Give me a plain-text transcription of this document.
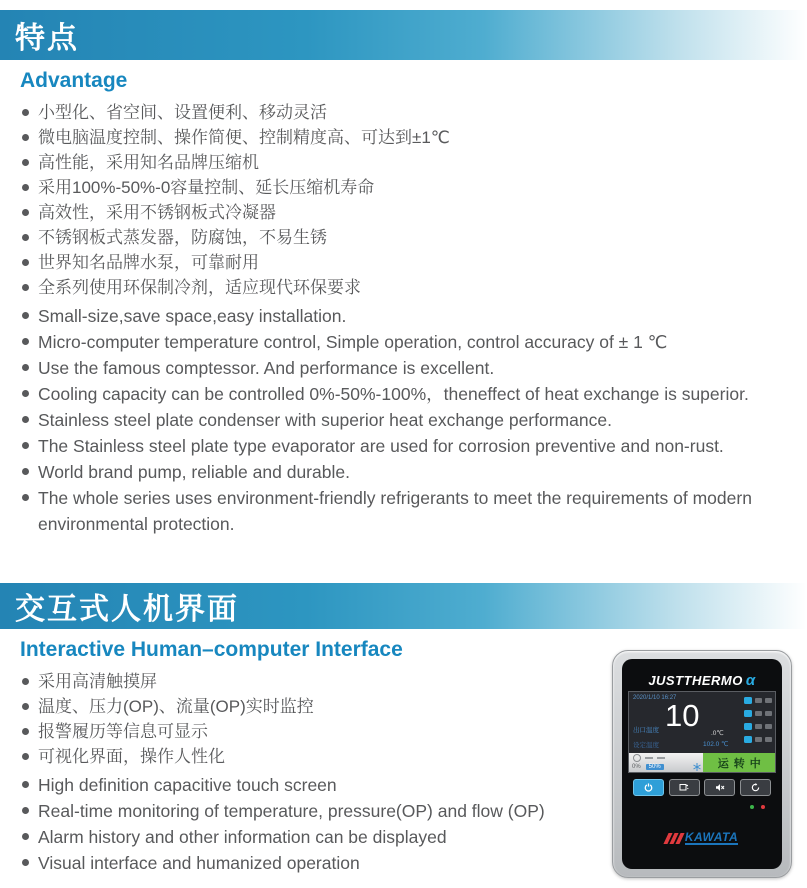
特点
Advantage
小型化、省空间、设置便利、移动灵活
微电脑温度控制、操作简便、控制精度高、可达到±1℃
高性能，采用知名品牌压缩机
采用100%-50%-0容量控制、延长压缩机寿命
高效性，采用不锈钢板式冷凝器
不锈钢板式蒸发器，防腐蚀，不易生锈
世界知名品牌水泵，可靠耐用
全系列使用环保制冷剂，适应现代环保要求
Small-size,save space,easy installation.
Micro-computer temperature control, Simple operation, control accuracy of ± 1 ℃
Use the famous comptessor. And performance is excellent.
Cooling capacity can be controlled 0%-50%-100%，theneffect of heat exchange is superior.
Stainless steel plate condenser with superior heat exchange performance.
The Stainless steel plate type evaporator are used for corrosion preventive and non-rust.
World brand pump, reliable and durable.
The whole series uses environment-friendly refrigerants to meet the requirements of modern environmental protection.
交互式人机界面
Interactive Human–computer Interface
采用高清触摸屏
温度、压力(OP)、流量(OP)实时监控
报警履历等信息可显示
可视化界面，操作人性化
High definition capacitive touch screen
Real-time monitoring of temperature, pressure(OP) and flow (OP)
Alarm history and other information can be displayed
Visual interface and humanized operation
JUSTTHERMO α
2020/1/10 16:27
出口温度
设定温度
10
.0℃
102.0 ℃
0%	50%	运转中
KAWATA
